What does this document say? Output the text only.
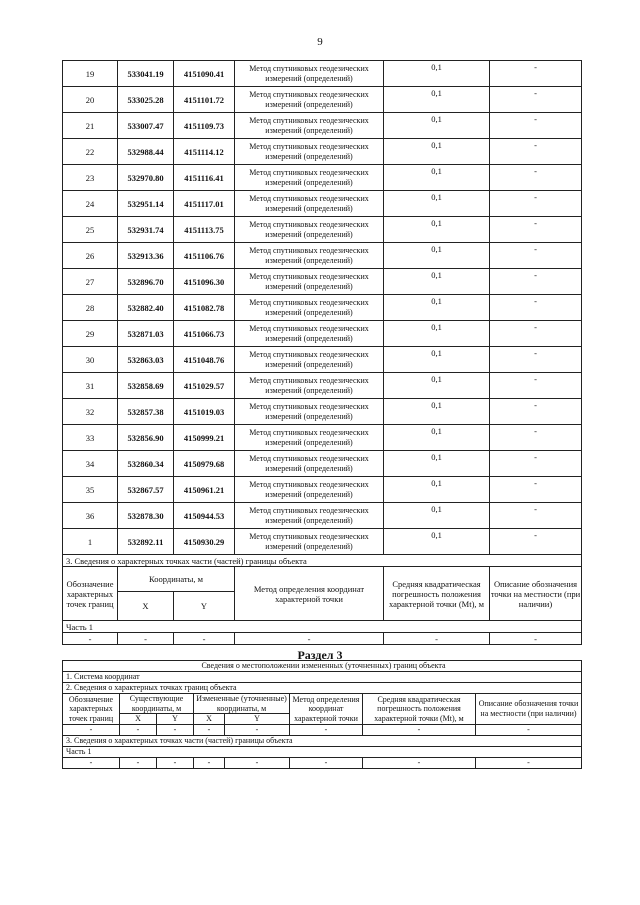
9
19	533041.19	4151090.41	Метод спутниковых геодезических измерений (определений)	0,1	-
20	533025.28	4151101.72	Метод спутниковых геодезических измерений (определений)	0,1	-
21	533007.47	4151109.73	Метод спутниковых геодезических измерений (определений)	0,1	-
22	532988.44	4151114.12	Метод спутниковых геодезических измерений (определений)	0,1	-
23	532970.80	4151116.41	Метод спутниковых геодезических измерений (определений)	0,1	-
24	532951.14	4151117.01	Метод спутниковых геодезических измерений (определений)	0,1	-
25	532931.74	4151113.75	Метод спутниковых геодезических измерений (определений)	0,1	-
26	532913.36	4151106.76	Метод спутниковых геодезических измерений (определений)	0,1	-
27	532896.70	4151096.30	Метод спутниковых геодезических измерений (определений)	0,1	-
28	532882.40	4151082.78	Метод спутниковых геодезических измерений (определений)	0,1	-
29	532871.03	4151066.73	Метод спутниковых геодезических измерений (определений)	0,1	-
30	532863.03	4151048.76	Метод спутниковых геодезических измерений (определений)	0,1	-
31	532858.69	4151029.57	Метод спутниковых геодезических измерений (определений)	0,1	-
32	532857.38	4151019.03	Метод спутниковых геодезических измерений (определений)	0,1	-
33	532856.90	4150999.21	Метод спутниковых геодезических измерений (определений)	0,1	-
34	532860.34	4150979.68	Метод спутниковых геодезических измерений (определений)	0,1	-
35	532867.57	4150961.21	Метод спутниковых геодезических измерений (определений)	0,1	-
36	532878.30	4150944.53	Метод спутниковых геодезических измерений (определений)	0,1	-
1	532892.11	4150930.29	Метод спутниковых геодезических измерений (определений)	0,1	-
3. Сведения о характерных точках части (частей) границы объекта					
Обозначение характерных точек границ	Координаты, м		Метод определения координат характерной точки	Средняя квадратическая погрешность положения характерной точки (Mt), м	Описание обозначения точки на местности (при наличии)
	X	Y			
Часть 1					
-	-	-	-	-	-
Раздел 3
Сведения о местоположении измененных (уточненных) границ объекта							
1. Система координат							
2. Сведения о характерных точках границ объекта							
Обозначение характерных точек границ	Существующие координаты, м		Измененные (уточненные) координаты, м		Метод определения координат характерной точки	Средняя квадратическая погрешность положения характерной точки (Mt), м	Описание обозначения точки на местности (при наличии)
	X	Y	X	Y			
-	-	-	-	-	-	-	-
3. Сведения о характерных точках части (частей) границы объекта							
Часть 1							
-	-	-	-	-	-	-	-
